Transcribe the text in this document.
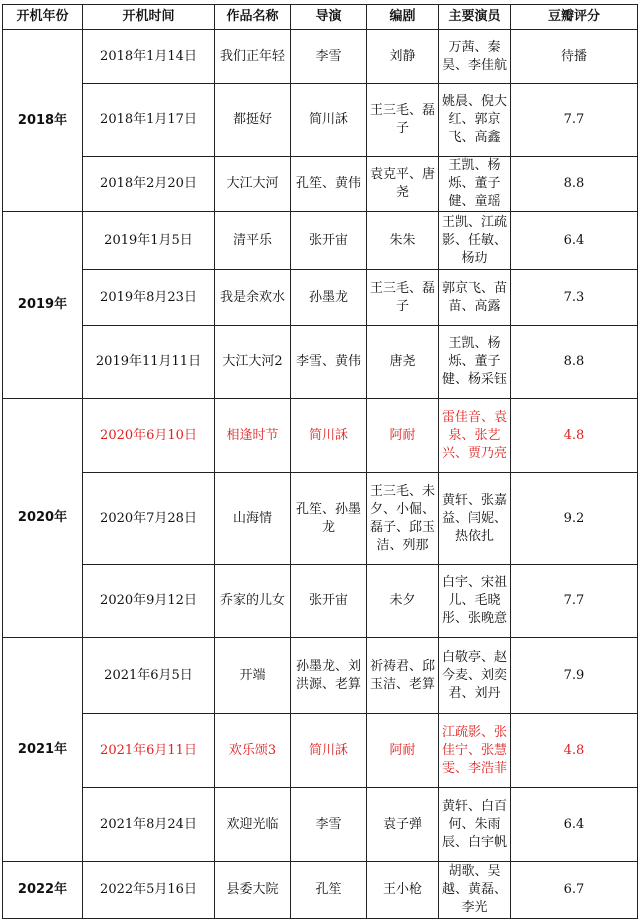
开机年份	开机时间	作品名称	导演	编剧	主要演员	豆瓣评分
2018年	2018年1月14日	我们正年轻	李雪	刘静	万茜、秦昊、李佳航	待播
	2018年1月17日	都挺好	简川訸	王三毛、磊子	姚晨、倪大红、郭京飞、高鑫	7.7
	2018年2月20日	大江大河	孔笙、黄伟	袁克平、唐尧	王凯、杨烁、董子健、童瑶	8.8
2019年	2019年1月5日	清平乐	张开宙	朱朱	王凯、江疏影、任敏、杨玏	6.4
	2019年8月23日	我是余欢水	孙墨龙	王三毛、磊子	郭京飞、苗苗、高露	7.3
	2019年11月11日	大江大河2	李雪、黄伟	唐尧	王凯、杨烁、董子健、杨采钰	8.8
2020年	2020年6月10日	相逢时节	简川訸	阿耐	雷佳音、袁泉、张艺兴、贾乃亮	4.8
	2020年7月28日	山海情	孔笙、孙墨龙	王三毛、未夕、小倔、磊子、邱玉洁、列那	黄轩、张嘉益、闫妮、热依扎	9.2
	2020年9月12日	乔家的儿女	张开宙	未夕	白宇、宋祖儿、毛晓彤、张晚意	7.7
2021年	2021年6月5日	开端	孙墨龙、刘洪源、老算	祈祷君、邱玉洁、老算	白敬亭、赵今麦、刘奕君、刘丹	7.9
	2021年6月11日	欢乐颂3	简川訸	阿耐	江疏影、张佳宁、张慧雯、李浩菲	4.8
	2021年8月24日	欢迎光临	李雪	袁子弹	黄轩、白百何、朱雨辰、白宇帆	6.4
2022年	2022年5月16日	县委大院	孔笙	王小枪	胡歌、吴越、黄磊、李光	6.7
